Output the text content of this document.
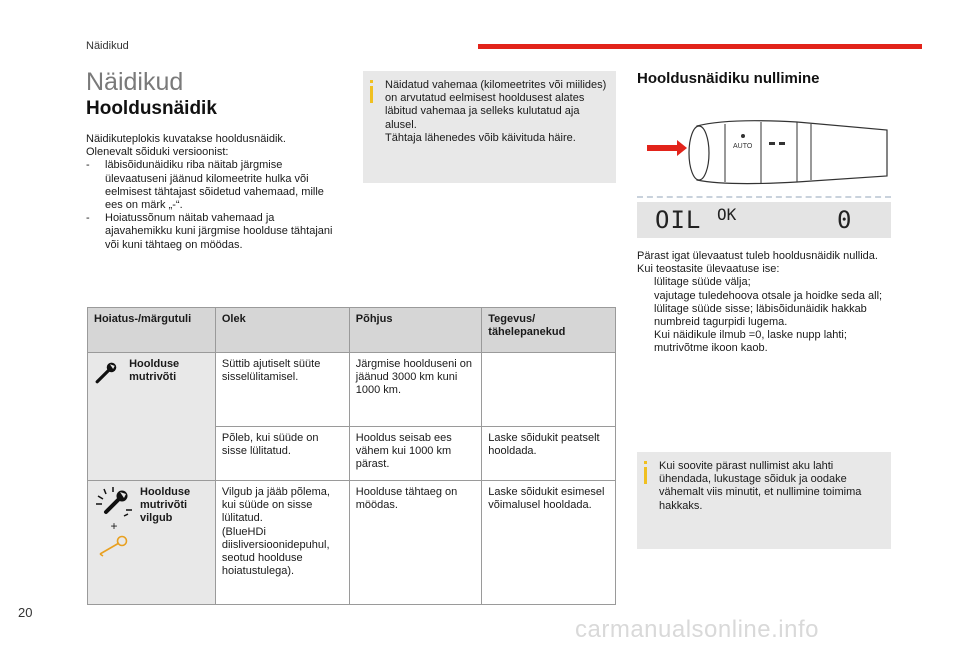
Näidikud
Näidikud
Hooldusnäidik

Näidikuteplokis kuvatakse hooldusnäidik.

Olenevalt sõiduki versioonist:

- läbisõidunäidiku riba näitab järgmise ülevaatuseni jäänud kilomeetrite hulka või eelmisest tähtajast sõidetud vahemaad, mille ees on märk „-“.

- Hoiatussõnum näitab vahemaad ja ajavahemikku kuni järgmise hoolduse tähtajani või kuni tähtaeg on möödas.

Näidatud vahemaa (kilomeetrites või miilides) on arvutatud eelmisest hooldusest alates läbitud vahemaa ja selleks kulutatud aja alusel.
Tähtaja lähenedes võib käivituda häire.
Hoiatus-/märgutuli	Olek	Põhjus	Tegevus/
tähelepanekud

Hoolduse mutrivõti	Süttib ajutiselt süüte sisselülitamisel.	Järgmise hoolduseni on jäänud 3000 km kuni 1000 km.	
	Põleb, kui süüde on sisse lülitatud.	Hooldus seisab ees vähem kui 1000 km pärast.	Laske sõidukit peatselt hooldada.

+
Hoolduse mutrivõti vilgub	Vilgub ja jääb põlema, kui süüde on sisse lülitatud.
(BlueHDi diisliversioonidepuhul, seotud hoolduse hoiatustulega).	Hoolduse tähtaeg on möödas.	Laske sõidukit esimesel võimalusel hooldada.
Hooldusnäidiku nullimine
AUTO
OIL OK	0

Pärast igat ülevaatust tuleb hooldusnäidik nullida.

Kui teostasite ülevaatuse ise:

lülitage süüde välja;

vajutage tuledehoova otsale ja hoidke seda all;

lülitage süüde sisse; läbisõidunäidik hakkab numbreid tagurpidi lugema.

Kui näidikule ilmub =0, laske nupp lahti; mutrivõtme ikoon kaob.

Kui soovite pärast nullimist aku lahti ühendada, lukustage sõiduk ja oodake vähemalt viis minutit, et nullimine toimima hakkaks.
20
carmanualsonline.info
